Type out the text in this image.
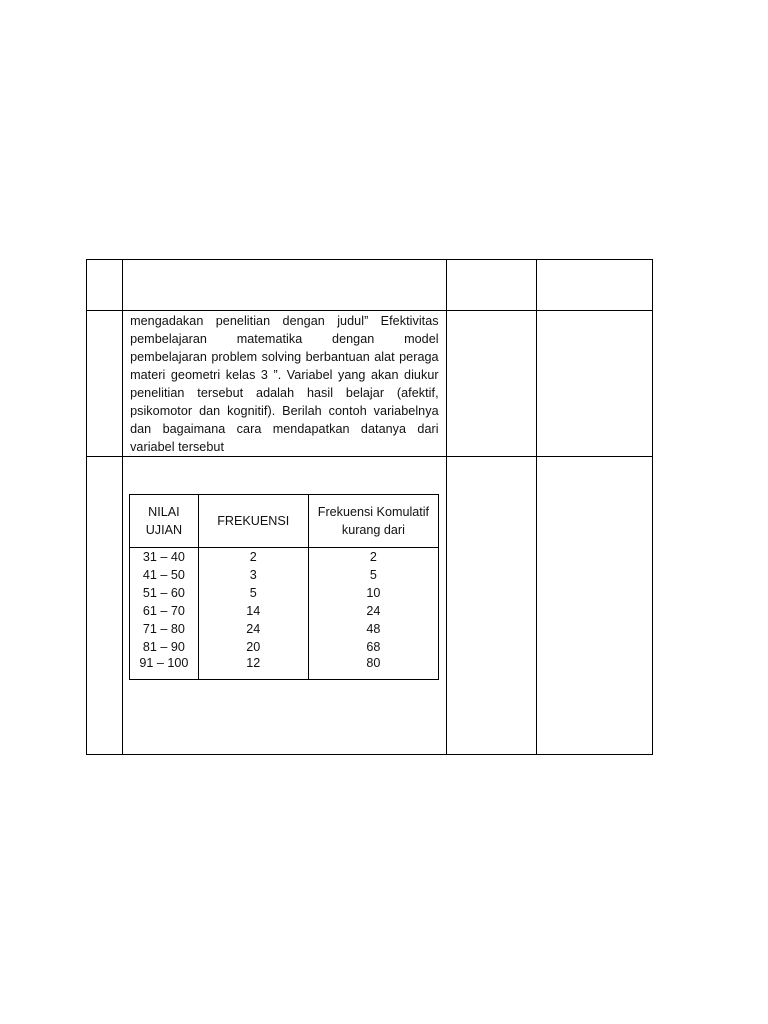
mengadakan penelitian dengan judul” Efektivitas pembelajaran matematika dengan model pembelajaran problem solving berbantuan alat peraga materi geometri kelas 3 ”. Variabel yang akan diukur penelitian tersebut adalah hasil belajar (afektif, psikomotor dan kognitif). Berilah contoh variabelnya dan bagaimana cara mendapatkan datanya dari variabel tersebut

NILAI UJIAN	FREKUENSI	Frekuensi Komulatif kurang dari
31 – 40	2	2
41 – 50	3	5
51 – 60	5	10
61 – 70	14	24
71 – 80	24	48
81 – 90	20	68
91 – 100	12	80
